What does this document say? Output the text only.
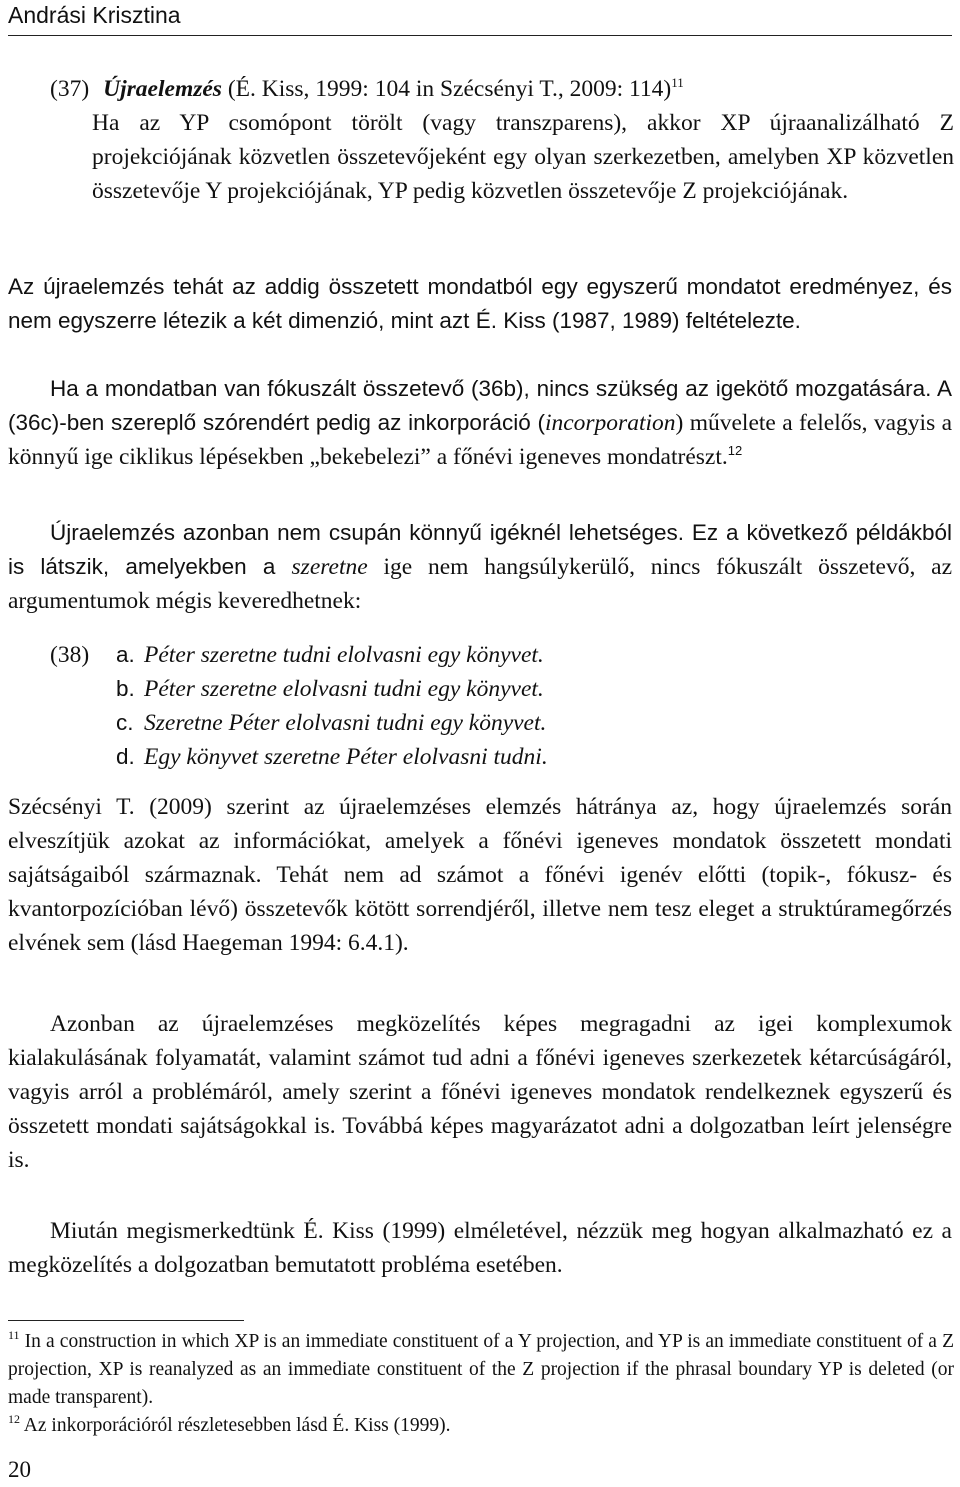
Andrási Krisztina
(37) Újraelemzés (É. Kiss, 1999: 104 in Szécsényi T., 2009: 114)$^{11}$
Ha az YP csomópont törölt (vagy transzparens), akkor XP újraanalizálható Z projekciójának közvetlen összetevőjeként egy olyan szerkezetben, amelyben XP közvetlen összetevője Y projekciójának, YP pedig közvetlen összetevője Z projekciójának.

Az újraelemzés tehát az addig összetett mondatból egy egyszerű mondatot eredményez, és nem egyszerre létezik a két dimenzió, mint azt É. Kiss (1987, 1989) feltételezte.

Ha a mondatban van fókuszált összetevő (36b), nincs szükség az igekötő mozgatására. A (36c)-ben szereplő szórendért pedig az inkorporáció (incorporation) művelete a felelős, vagyis a könnyű ige ciklikus lépésekben „bekebelezi” a főnévi igeneves mondatrészt.$^{12}$

Újraelemzés azonban nem csupán könnyű igéknél lehetséges. Ez a következő példákból is látszik, amelyekben a szeretne ige nem hangsúlykerülő, nincs fókuszált összetevő, az argumentumok mégis keveredhetnek:

(38)	a. Péter szeretne tudni elolvasni egy könyvet.
b. Péter szeretne elolvasni tudni egy könyvet.
c. Szeretne Péter elolvasni tudni egy könyvet.
d. Egy könyvet szeretne Péter elolvasni tudni.

Szécsényi T. (2009) szerint az újraelemzéses elemzés hátránya az, hogy újraelemzés során elveszítjük azokat az információkat, amelyek a főnévi igeneves mondatok összetett mondati sajátságaiból származnak. Tehát nem ad számot a főnévi igenév előtti (topik-, fókusz- és kvantorpozícióban lévő) összetevők kötött sorrendjéről, illetve nem tesz eleget a struktúramegőrzés elvének sem (lásd Haegeman 1994: 6.4.1).

Azonban az újraelemzéses megközelítés képes megragadni az igei komplexumok kialakulásának folyamatát, valamint számot tud adni a főnévi igeneves szerkezetek kétarcúságáról, vagyis arról a problémáról, amely szerint a főnévi igeneves mondatok rendelkeznek egyszerű és összetett mondati sajátságokkal is. Továbbá képes magyarázatot adni a dolgozatban leírt jelenségre is.

Miután megismerkedtünk É. Kiss (1999) elméletével, nézzük meg hogyan alkalmazható ez a megközelítés a dolgozatban bemutatott probléma esetében.

$^{11}$ In a construction in which XP is an immediate constituent of a Y projection, and YP is an immediate constituent of a Z projection, XP is reanalyzed as an immediate constituent of the Z projection if the phrasal boundary YP is deleted (or made transparent).
$^{12}$ Az inkorporációról részletesebben lásd É. Kiss (1999).
20
